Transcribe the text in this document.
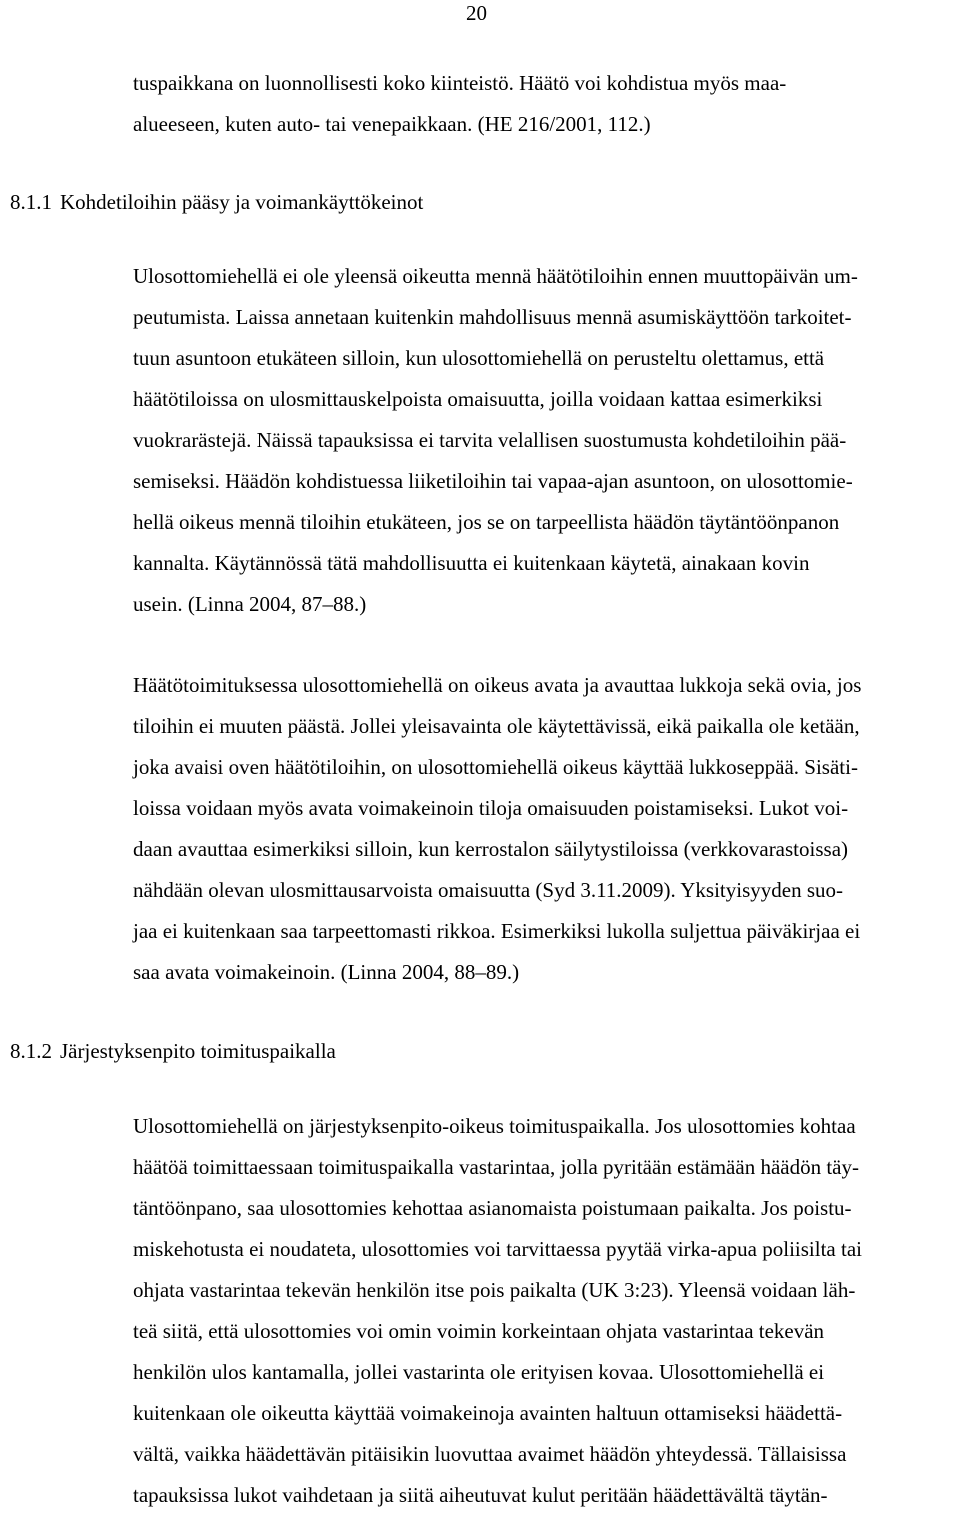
20
tuspaikkana on luonnollisesti koko kiinteistö. Häätö voi kohdistua myös maa-
alueeseen, kuten auto- tai venepaikkaan. (HE 216/2001, 112.)
8.1.1 Kohdetiloihin pääsy ja voimankäyttökeinot
Ulosottomiehellä ei ole yleensä oikeutta mennä häätötiloihin ennen muuttopäivän um-
peutumista. Laissa annetaan kuitenkin mahdollisuus mennä asumiskäyttöön tarkoitet-
tuun asuntoon etukäteen silloin, kun ulosottomiehellä on perusteltu olettamus, että
häätötiloissa on ulosmittauskelpoista omaisuutta, joilla voidaan kattaa esimerkiksi
vuokrarästejä. Näissä tapauksissa ei tarvita velallisen suostumusta kohdetiloihin pää-
semiseksi. Häädön kohdistuessa liiketiloihin tai vapaa-ajan asuntoon, on ulosottomie-
hellä oikeus mennä tiloihin etukäteen, jos se on tarpeellista häädön täytäntöönpanon
kannalta. Käytännössä tätä mahdollisuutta ei kuitenkaan käytetä, ainakaan kovin
usein. (Linna 2004, 87–88.)
Häätötoimituksessa ulosottomiehellä on oikeus avata ja avauttaa lukkoja sekä ovia, jos
tiloihin ei muuten päästä. Jollei yleisavainta ole käytettävissä, eikä paikalla ole ketään,
joka avaisi oven häätötiloihin, on ulosottomiehellä oikeus käyttää lukkoseppää. Sisäti-
loissa voidaan myös avata voimakeinoin tiloja omaisuuden poistamiseksi. Lukot voi-
daan avauttaa esimerkiksi silloin, kun kerrostalon säilytystiloissa (verkkovarastoissa)
nähdään olevan ulosmittausarvoista omaisuutta (Syd 3.11.2009). Yksityisyyden suo-
jaa ei kuitenkaan saa tarpeettomasti rikkoa. Esimerkiksi lukolla suljettua päiväkirjaa ei
saa avata voimakeinoin. (Linna 2004, 88–89.)
8.1.2 Järjestyksenpito toimituspaikalla
Ulosottomiehellä on järjestyksenpito-oikeus toimituspaikalla. Jos ulosottomies kohtaa
häätöä toimittaessaan toimituspaikalla vastarintaa, jolla pyritään estämään häädön täy-
täntöönpano, saa ulosottomies kehottaa asianomaista poistumaan paikalta. Jos poistu-
miskehotusta ei noudateta, ulosottomies voi tarvittaessa pyytää virka-apua poliisilta tai
ohjata vastarintaa tekevän henkilön itse pois paikalta (UK 3:23). Yleensä voidaan läh-
teä siitä, että ulosottomies voi omin voimin korkeintaan ohjata vastarintaa tekevän
henkilön ulos kantamalla, jollei vastarinta ole erityisen kovaa. Ulosottomiehellä ei
kuitenkaan ole oikeutta käyttää voimakeinoja avainten haltuun ottamiseksi häädettä-
vältä, vaikka häädettävän pitäisikin luovuttaa avaimet häädön yhteydessä. Tällaisissa
tapauksissa lukot vaihdetaan ja siitä aiheutuvat kulut peritään häädettävältä täytän-
